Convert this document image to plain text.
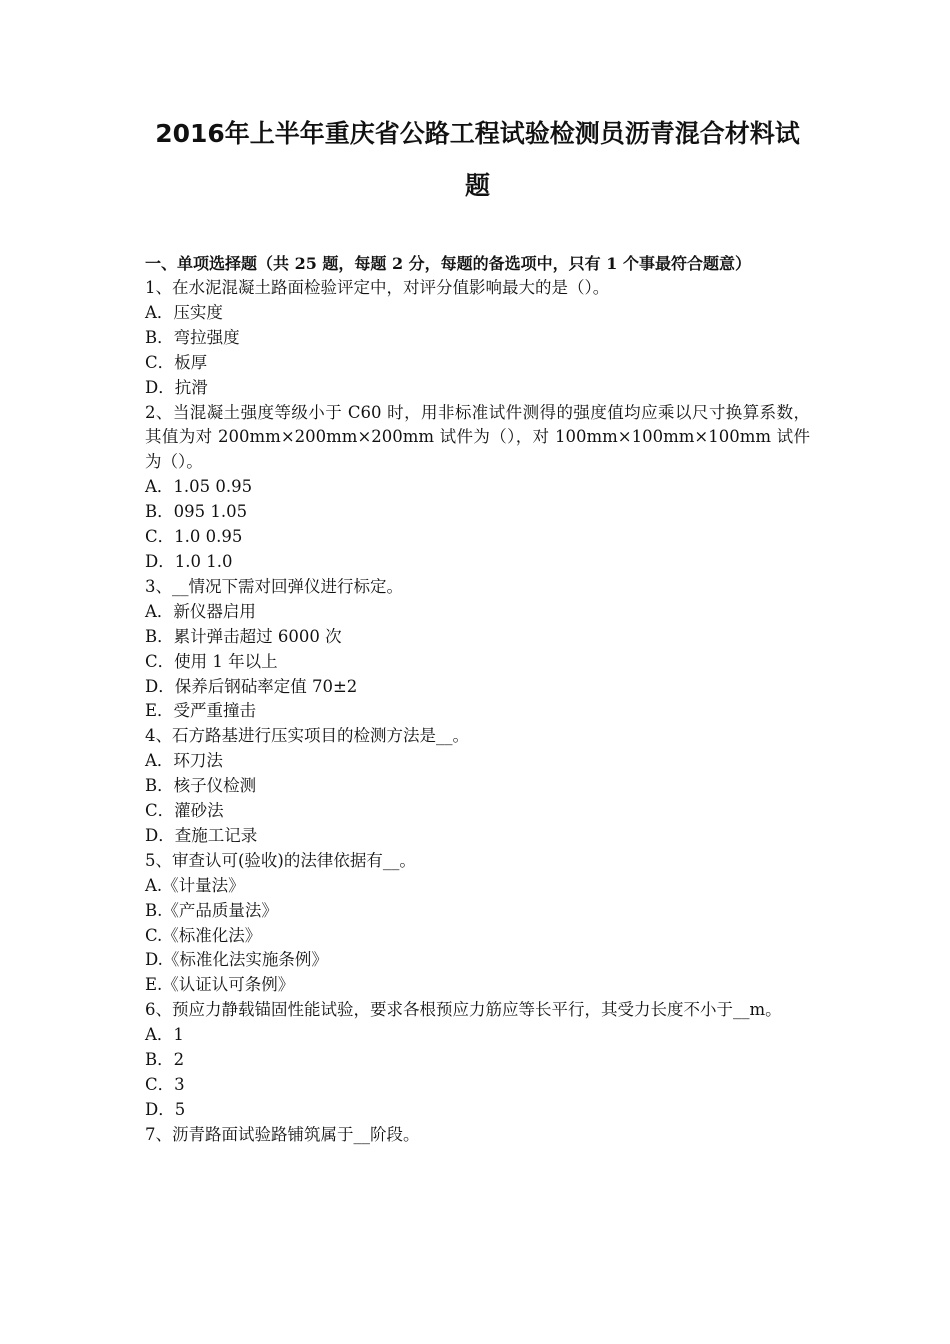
2016年上半年重庆省公路工程试验检测员沥青混合材料试题
一、单项选择题（共 25 题，每题 2 分，每题的备选项中，只有 1 个事最符合题意）
1、在水泥混凝土路面检验评定中，对评分值影响最大的是（）。
A．压实度
B．弯拉强度
C．板厚
D．抗滑
2、当混凝土强度等级小于 C60 时，用非标准试件测得的强度值均应乘以尺寸换算系数，其值为对 200mm×200mm×200mm 试件为（），对 100mm×100mm×100mm 试件为（）。
A．1.05 0.95
B．095 1.05
C．1.0 0.95
D．1.0 1.0
3、__情况下需对回弹仪进行标定。
A．新仪器启用
B．累计弹击超过 6000 次
C．使用 1 年以上
D．保养后钢砧率定值 70±2
E．受严重撞击
4、石方路基进行压实项目的检测方法是__。
A．环刀法
B．核子仪检测
C．灌砂法
D．查施工记录
5、审查认可(验收)的法律依据有__。
A.《计量法》
B.《产品质量法》
C.《标准化法》
D.《标准化法实施条例》
E.《认证认可条例》
6、预应力静载锚固性能试验，要求各根预应力筋应等长平行，其受力长度不小于__m。
A．1
B．2
C．3
D．5
7、沥青路面试验路铺筑属于__阶段。
